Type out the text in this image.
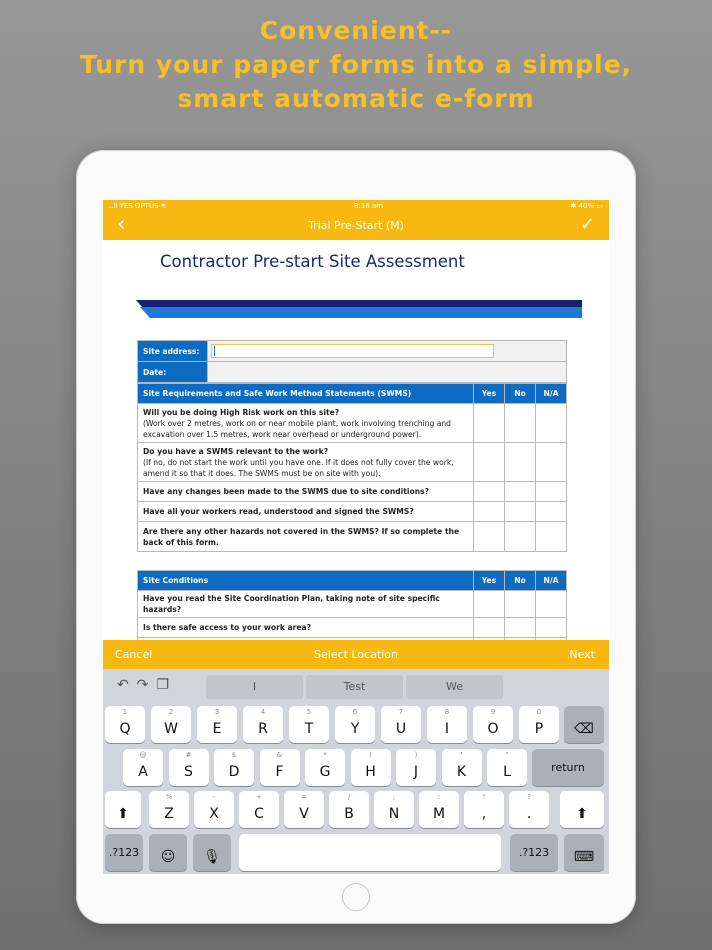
Convenient--
Turn your paper forms into a simple,
smart automatic e-form
..ll YES OPTUS ≋	8:16 am	✱ 40% ▭
‹	Trial Pre-Start (M)	✓
Contractor Pre-start Site Assessment
Site address:	

Date:	
Site Requirements and Safe Work Method Statements (SWMS)	Yes	No	N/A

Will you be doing High Risk work on this site?
(Work over 2 metres, work on or near mobile plant, work involving trenching and excavation over 1.5 metres, work near overhead or underground power).			

Do you have a SWMS relevant to the work?
(If no, do not start the work until you have one. If it does not fully cover the work, amend it so that it does. The SWMS must be on site with you).			

Have any changes been made to the SWMS due to site conditions?			

Have all your workers read, understood and signed the SWMS?			

Are there any other hazards not covered in the SWMS? If so complete the back of this form.			

Site Conditions	Yes	No	N/A

Have you read the Site Coordination Plan, taking note of site specific hazards?			

Is there safe access to your work area?			

Cancel	Select Location	Next
↶↷❐	I	Test	We
1
Q
2
W
3
E
4
R
5
T
6
Y
7
U
8
I
9
O
0
P	⌫
@
A
#
S
$
D
&
F
*
G
(
H
)
J
'
K
"
L	return
⬆
%
Z
-
X
+
C
=
V
/
B
;
N
:
M
!
,
?
.	⬆
.?123	☺	🎙	.?123	⌨
